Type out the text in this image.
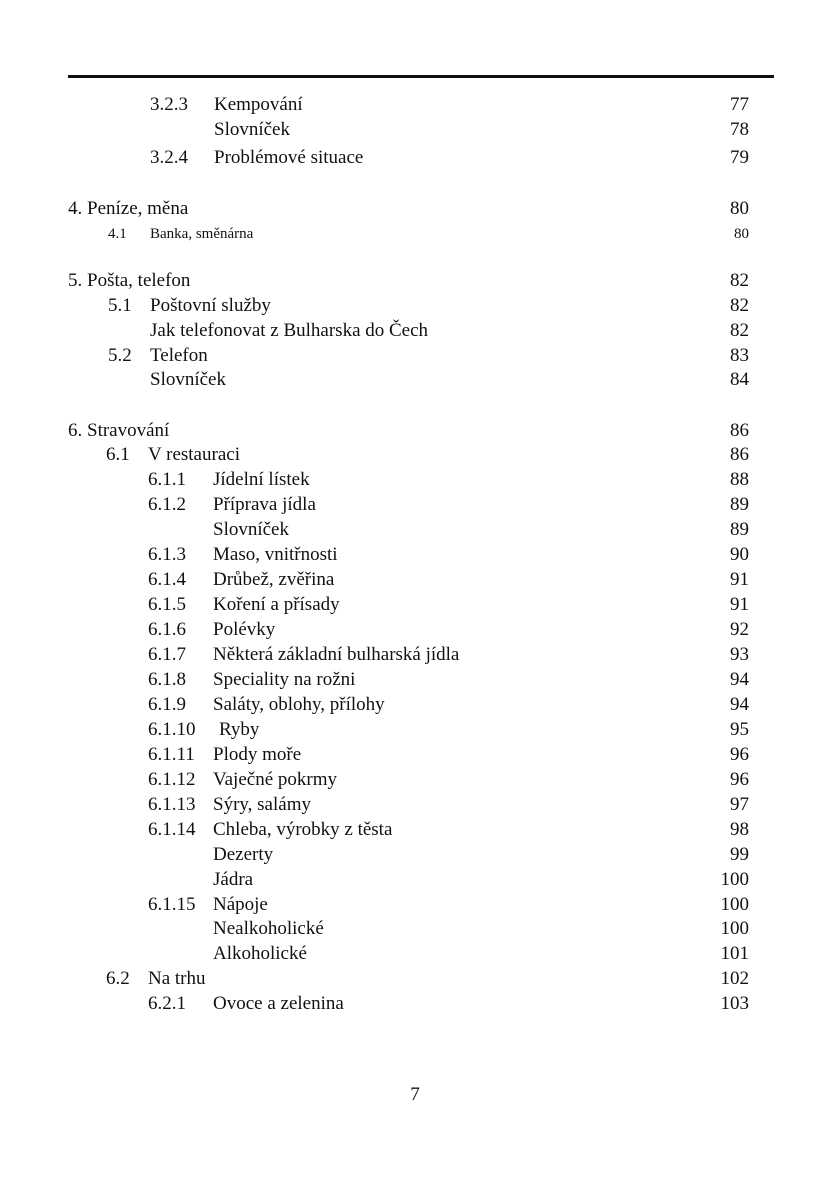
3.2.3 Kempování	77
Slovníček	78
3.2.4 Problémové situace	79
4. Peníze, měna	80
4.1 Banka, směnárna	80
5. Pošta, telefon	82
5.1 Poštovní služby	82
Jak telefonovat z Bulharska do Čech	82
5.2 Telefon	83
Slovníček	84
6. Stravování	86
6.1 V restauraci	86
6.1.1 Jídelní lístek	88
6.1.2 Příprava jídla	89
Slovníček	89
6.1.3 Maso, vnitřnosti	90
6.1.4 Drůbež, zvěřina	91
6.1.5 Koření a přísady	91
6.1.6 Polévky	92
6.1.7 Některá základní bulharská jídla	93
6.1.8 Speciality na rožni	94
6.1.9 Saláty, oblohy, přílohy	94
6.1.10 Ryby	95
6.1.11 Plody moře	96
6.1.12 Vaječné pokrmy	96
6.1.13 Sýry, salámy	97
6.1.14 Chleba, výrobky z těsta	98
Dezerty	99
Jádra	100
6.1.15 Nápoje	100
Nealkoholické	100
Alkoholické	101
6.2 Na trhu	102
6.2.1 Ovoce a zelenina	103
7
